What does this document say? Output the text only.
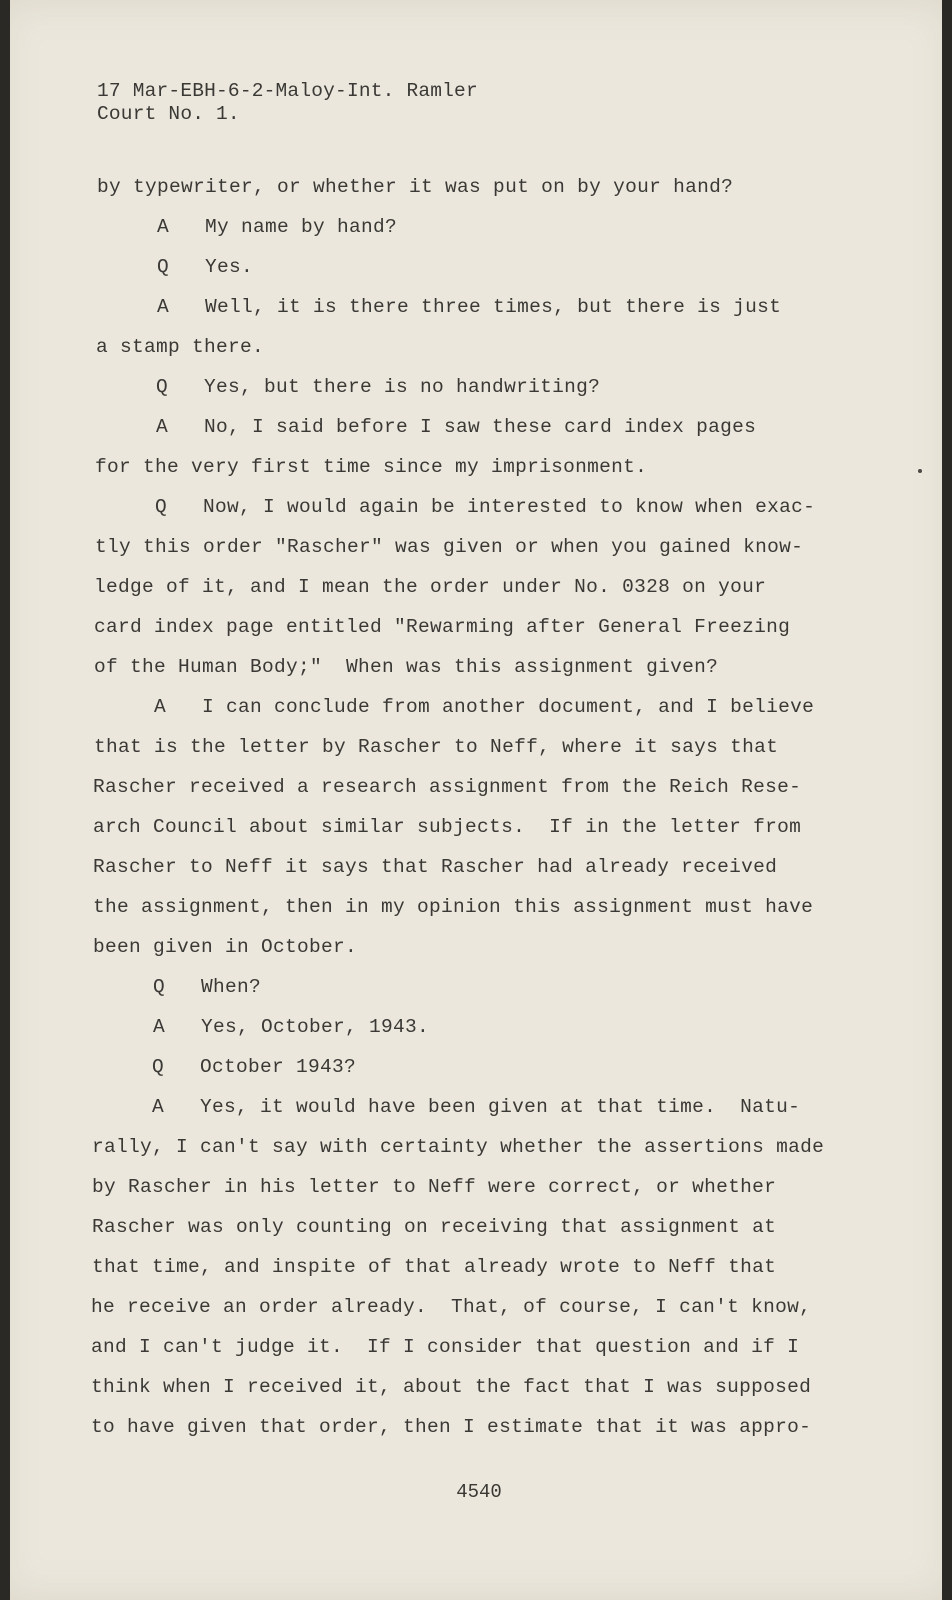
17 Mar-EBH-6-2-Maloy-Int. Ramler
Court No. 1.
by typewriter, or whether it was put on by your hand?
A   My name by hand?
Q   Yes.
A   Well, it is there three times, but there is just
a stamp there.
Q   Yes, but there is no handwriting?
A   No, I said before I saw these card index pages
for the very first time since my imprisonment.
Q   Now, I would again be interested to know when exac-
tly this order "Rascher" was given or when you gained know-
ledge of it, and I mean the order under No. 0328 on your
card index page entitled "Rewarming after General Freezing
of the Human Body;"  When was this assignment given?
A   I can conclude from another document, and I believe
that is the letter by Rascher to Neff, where it says that
Rascher received a research assignment from the Reich Rese-
arch Council about similar subjects.  If in the letter from
Rascher to Neff it says that Rascher had already received
the assignment, then in my opinion this assignment must have
been given in October.
Q   When?
A   Yes, October, 1943.
Q   October 1943?
A   Yes, it would have been given at that time.  Natu-
rally, I can't say with certainty whether the assertions made
by Rascher in his letter to Neff were correct, or whether
Rascher was only counting on receiving that assignment at
that time, and inspite of that already wrote to Neff that
he receive an order already.  That, of course, I can't know,
and I can't judge it.  If I consider that question and if I
think when I received it, about the fact that I was supposed
to have given that order, then I estimate that it was appro-
4540
